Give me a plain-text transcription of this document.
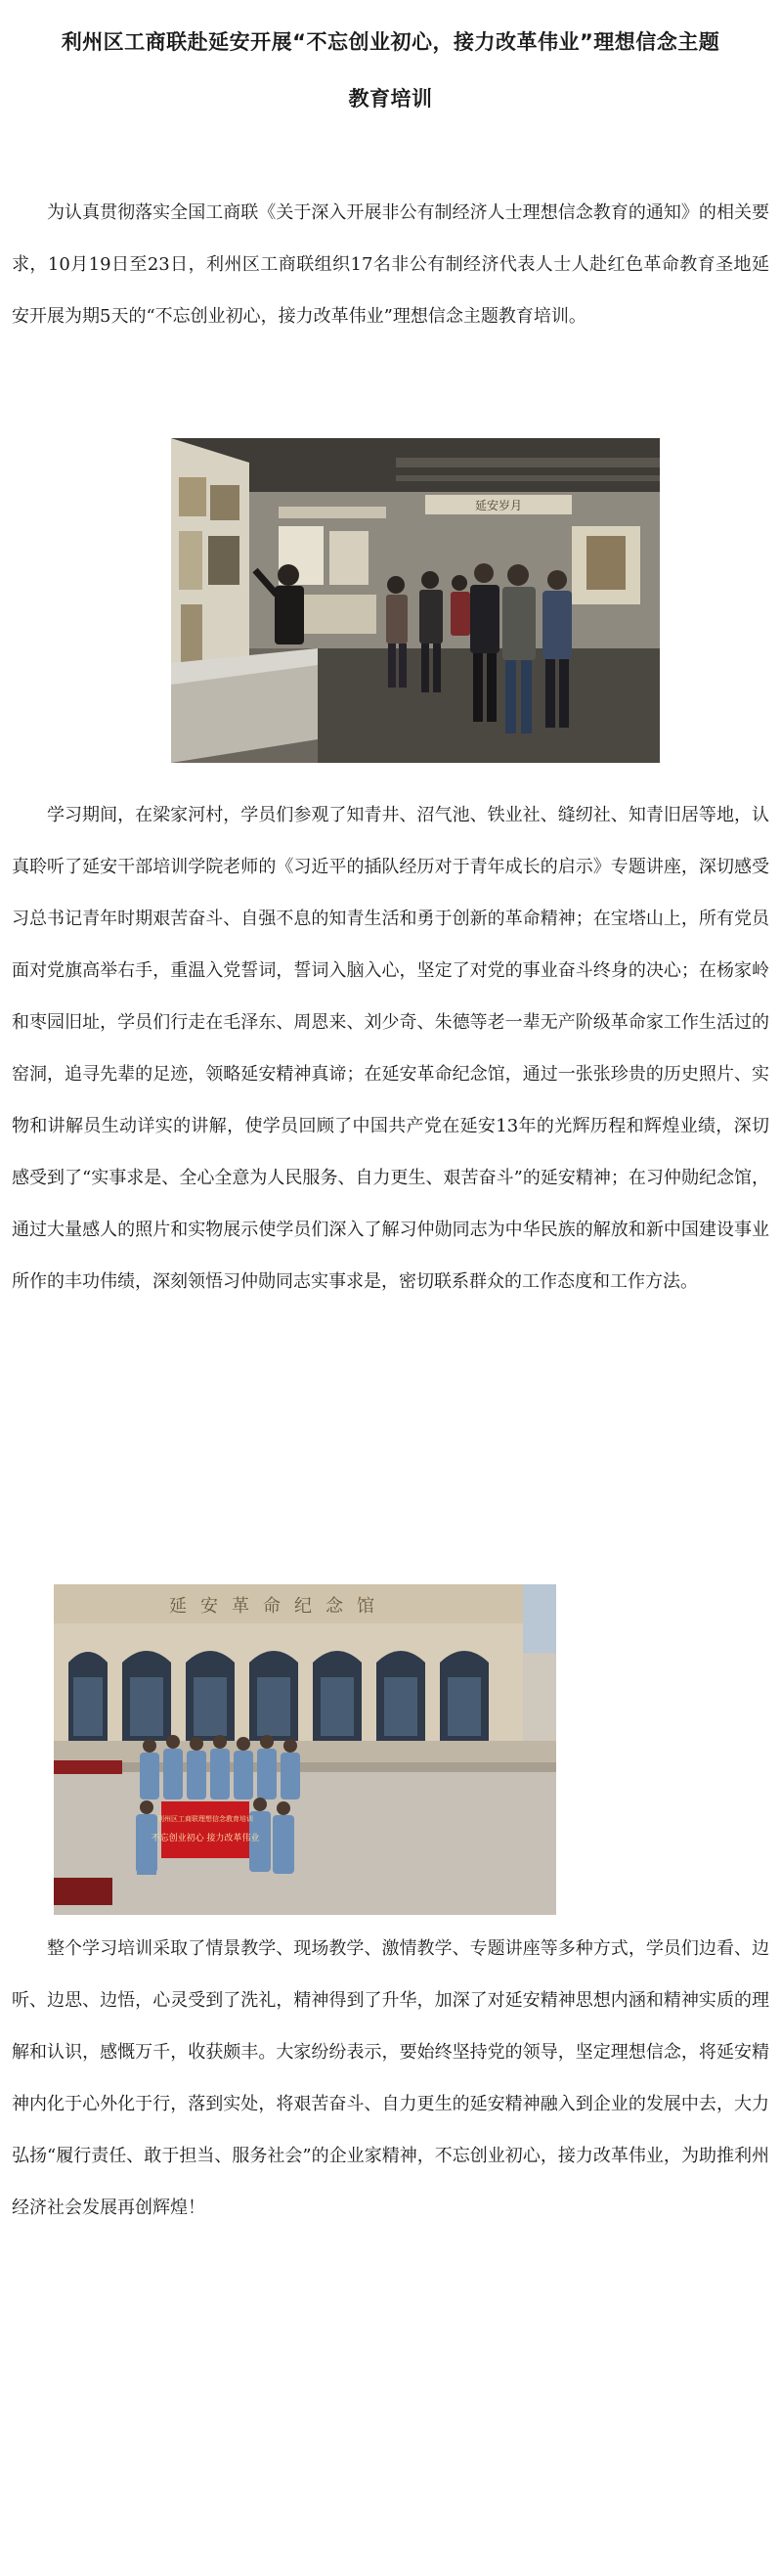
利州区工商联赴延安开展“不忘创业初心，接力改革伟业”理想信念主题
教育培训

为认真贯彻落实全国工商联《关于深入开展非公有制经济人士理想信念教育的通知》的相关要求，10月19日至23日，利州区工商联组织17名非公有制经济代表人士人赴红色革命教育圣地延安开展为期5天的“不忘创业初心，接力改革伟业”理想信念主题教育培训。

延安岁月

学习期间，在梁家河村，学员们参观了知青井、沼气池、铁业社、缝纫社、知青旧居等地，认真聆听了延安干部培训学院老师的《习近平的插队经历对于青年成长的启示》专题讲座，深切感受习总书记青年时期艰苦奋斗、自强不息的知青生活和勇于创新的革命精神；在宝塔山上，所有党员面对党旗高举右手，重温入党誓词，誓词入脑入心，坚定了对党的事业奋斗终身的决心；在杨家岭和枣园旧址，学员们行走在毛泽东、周恩来、刘少奇、朱德等老一辈无产阶级革命家工作生活过的窑洞，追寻先辈的足迹，领略延安精神真谛；在延安革命纪念馆，通过一张张珍贵的历史照片、实物和讲解员生动详实的讲解，使学员回顾了中国共产党在延安13年的光辉历程和辉煌业绩，深切感受到了“实事求是、全心全意为人民服务、自力更生、艰苦奋斗”的延安精神；在习仲勋纪念馆，通过大量感人的照片和实物展示使学员们深入了解习仲勋同志为中华民族的解放和新中国建设事业所作的丰功伟绩，深刻领悟习仲勋同志实事求是，密切联系群众的工作态度和工作方法。

延安革命纪念馆
利州区工商联理想信念教育培训
不忘创业初心 接力改革伟业

整个学习培训采取了情景教学、现场教学、激情教学、专题讲座等多种方式，学员们边看、边听、边思、边悟，心灵受到了洗礼，精神得到了升华，加深了对延安精神思想内涵和精神实质的理解和认识，感慨万千，收获颇丰。大家纷纷表示，要始终坚持党的领导，坚定理想信念，将延安精神内化于心外化于行，落到实处，将艰苦奋斗、自力更生的延安精神融入到企业的发展中去，大力弘扬“履行责任、敢于担当、服务社会”的企业家精神，不忘创业初心，接力改革伟业，为助推利州经济社会发展再创辉煌！
